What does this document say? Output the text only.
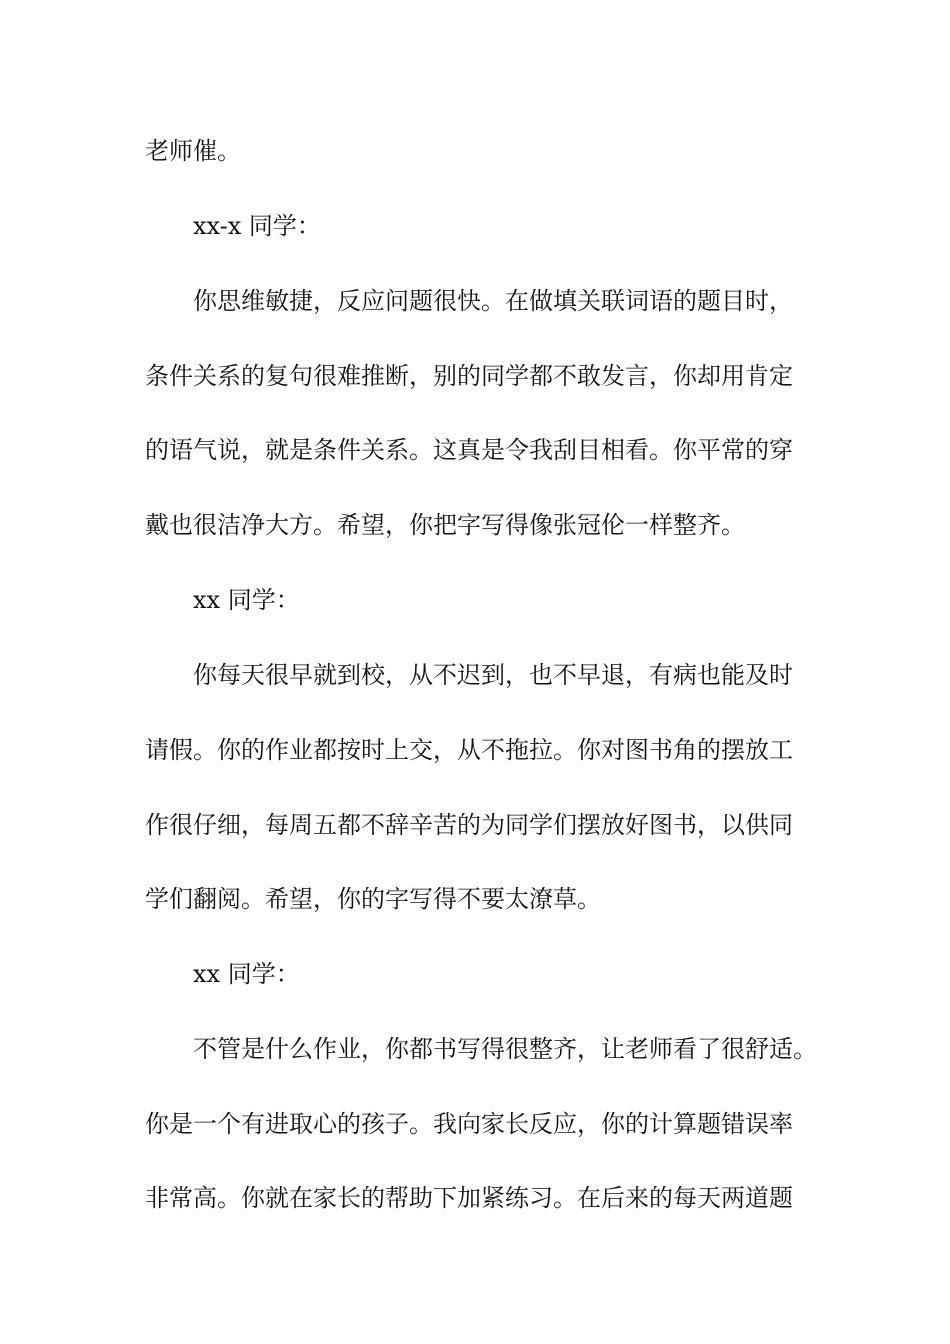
老师催。
xx-x 同学：
你思维敏捷，反应问题很快。在做填关联词语的题目时，
条件关系的复句很难推断，别的同学都不敢发言，你却用肯定
的语气说，就是条件关系。这真是令我刮目相看。你平常的穿
戴也很洁净大方。希望，你把字写得像张冠伦一样整齐。
xx 同学：
你每天很早就到校，从不迟到，也不早退，有病也能及时
请假。你的作业都按时上交，从不拖拉。你对图书角的摆放工
作很仔细，每周五都不辞辛苦的为同学们摆放好图书，以供同
学们翻阅。希望，你的字写得不要太潦草。
xx 同学：
不管是什么作业，你都书写得很整齐，让老师看了很舒适。
你是一个有进取心的孩子。我向家长反应，你的计算题错误率
非常高。你就在家长的帮助下加紧练习。在后来的每天两道题
